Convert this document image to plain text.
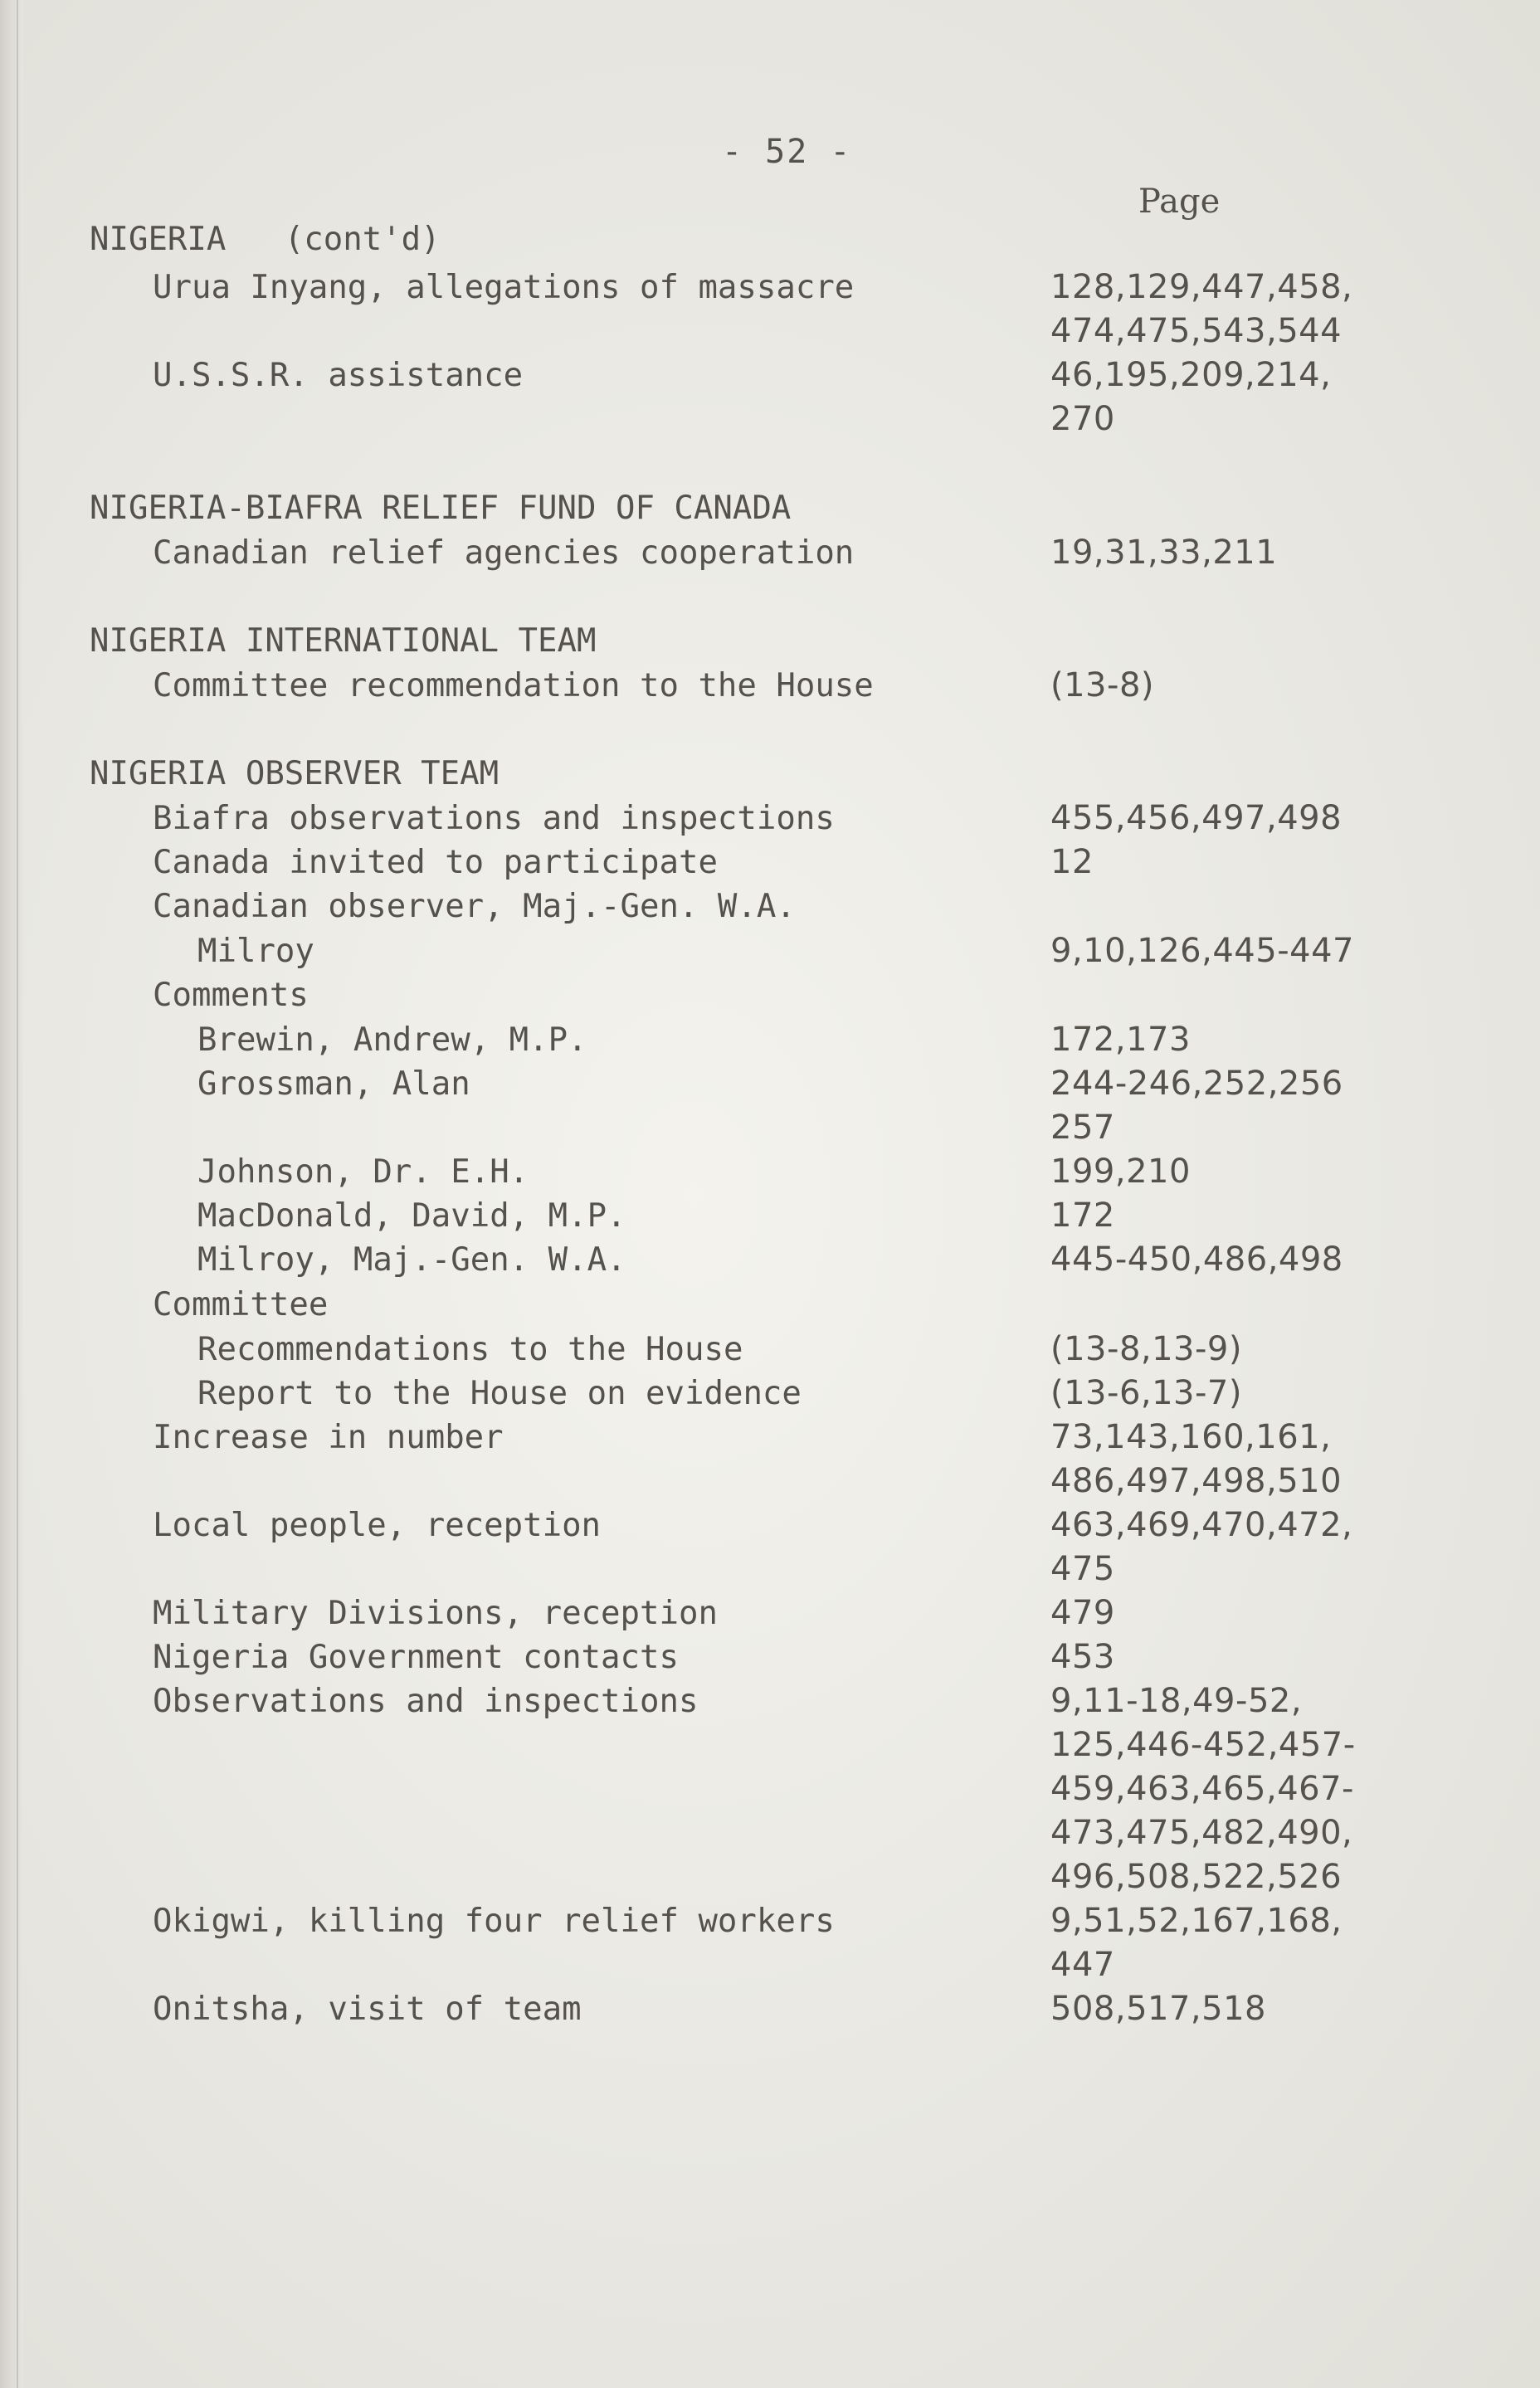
- 52 -
Page
NIGERIA   (cont'd)
Urua Inyang, allegations of massacre	128,129,447,458,
474,475,543,544
U.S.S.R. assistance	46,195,209,214,
270
NIGERIA-BIAFRA RELIEF FUND OF CANADA
Canadian relief agencies cooperation	19,31,33,211
NIGERIA INTERNATIONAL TEAM
Committee recommendation to the House	(13-8)
NIGERIA OBSERVER TEAM
Biafra observations and inspections	455,456,497,498
Canada invited to participate	12
Canadian observer, Maj.-Gen. W.A.
Milroy	9,10,126,445-447
Comments
Brewin, Andrew, M.P.	172,173
Grossman, Alan	244-246,252,256
257
Johnson, Dr. E.H.	199,210
MacDonald, David, M.P.	172
Milroy, Maj.-Gen. W.A.	445-450,486,498
Committee
Recommendations to the House	(13-8,13-9)
Report to the House on evidence	(13-6,13-7)
Increase in number	73,143,160,161,
486,497,498,510
Local people, reception	463,469,470,472,
475
Military Divisions, reception	479
Nigeria Government contacts	453
Observations and inspections	9,11-18,49-52,
125,446-452,457-
459,463,465,467-
473,475,482,490,
496,508,522,526
Okigwi, killing four relief workers	9,51,52,167,168,
447
Onitsha, visit of team	508,517,518
